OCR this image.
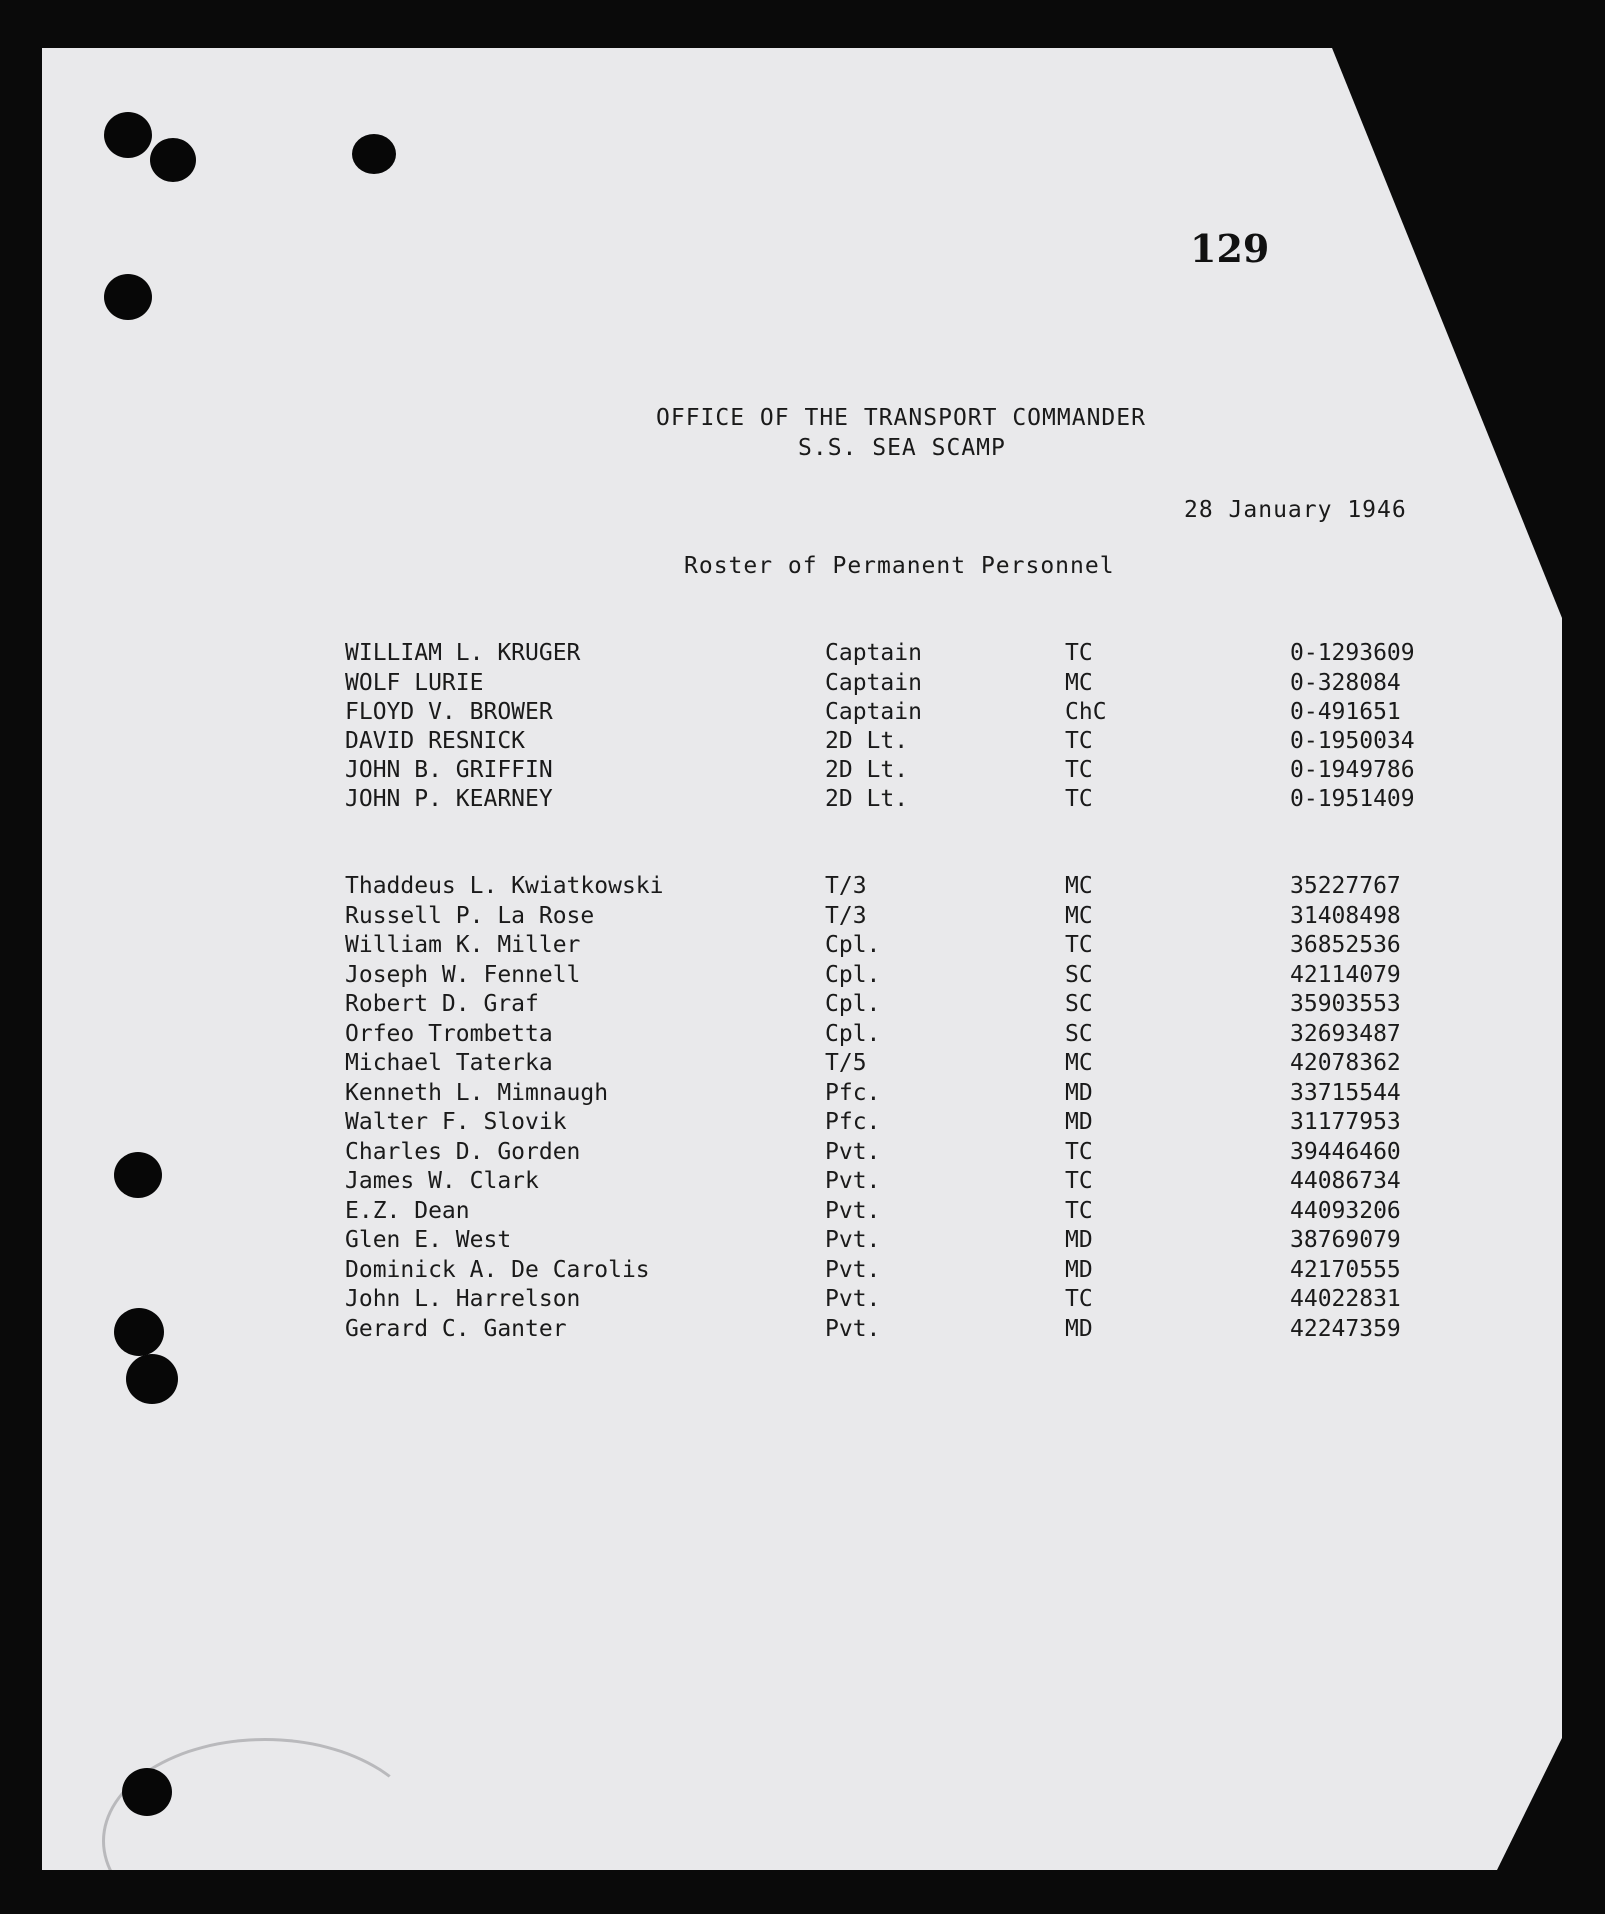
129
OFFICE OF THE TRANSPORT COMMANDER
S.S. SEA SCAMP
28 January 1946
Roster of Permanent Personnel
WILLIAM L. KRUGER	Captain	TC	0-1293609
WOLF LURIE	Captain	MC	0-328084
FLOYD V. BROWER	Captain	ChC	0-491651
DAVID RESNICK	2D Lt.	TC	0-1950034
JOHN B. GRIFFIN	2D Lt.	TC	0-1949786
JOHN P. KEARNEY	2D Lt.	TC	0-1951409
Thaddeus L. Kwiatkowski	T/3	MC	35227767
Russell P. La Rose	T/3	MC	31408498
William K. Miller	Cpl.	TC	36852536
Joseph W. Fennell	Cpl.	SC	42114079
Robert D. Graf	Cpl.	SC	35903553
Orfeo Trombetta	Cpl.	SC	32693487
Michael Taterka	T/5	MC	42078362
Kenneth L. Mimnaugh	Pfc.	MD	33715544
Walter F. Slovik	Pfc.	MD	31177953
Charles D. Gorden	Pvt.	TC	39446460
James W. Clark	Pvt.	TC	44086734
E.Z. Dean	Pvt.	TC	44093206
Glen E. West	Pvt.	MD	38769079
Dominick A. De Carolis	Pvt.	MD	42170555
John L. Harrelson	Pvt.	TC	44022831
Gerard C. Ganter	Pvt.	MD	42247359
